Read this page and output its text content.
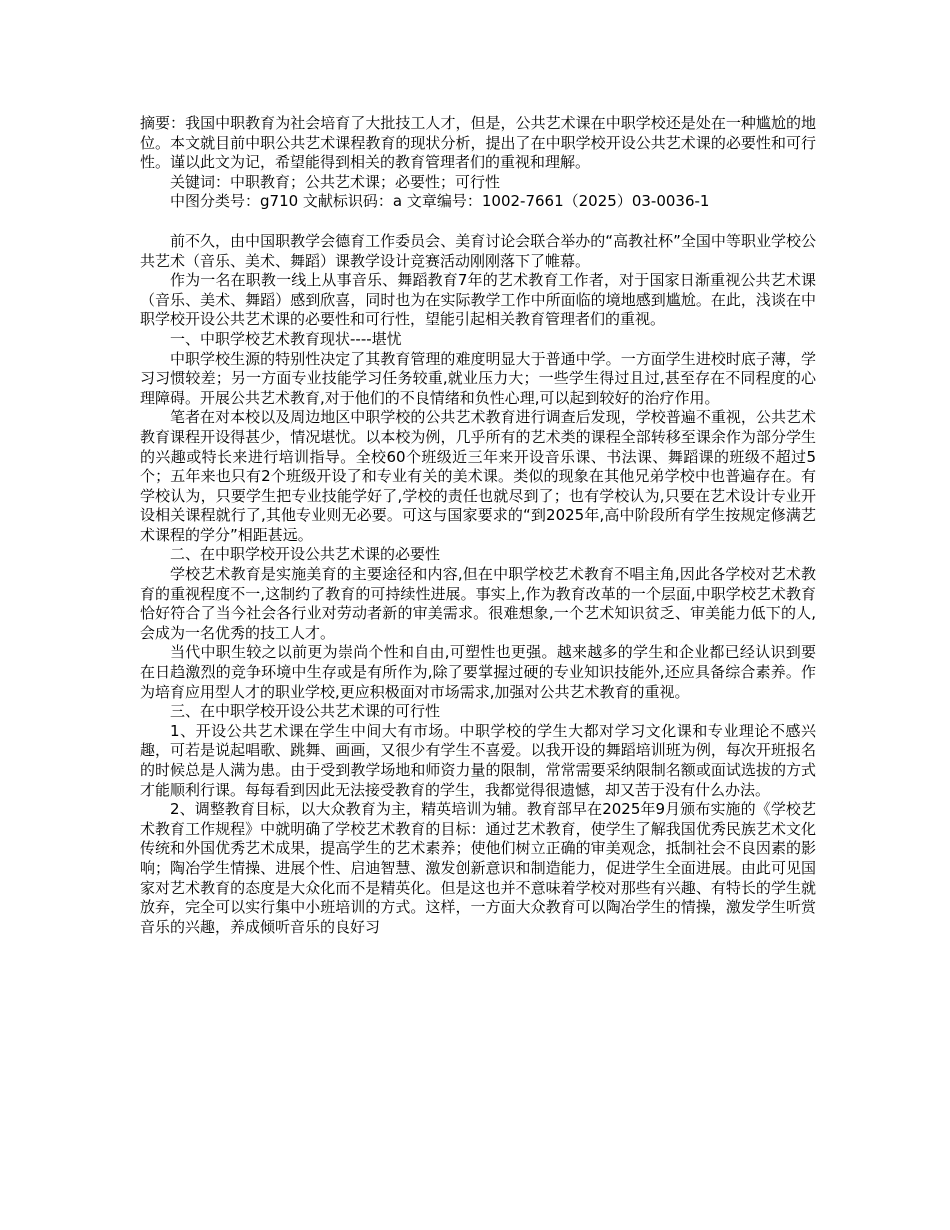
摘要：我国中职教育为社会培育了大批技工人才，但是，公共艺术课在中职学校还是处在一种尴尬的地位。本文就目前中职公共艺术课程教育的现状分析，提出了在中职学校开设公共艺术课的必要性和可行性。谨以此文为记，希望能得到相关的教育管理者们的重视和理解。

关键词：中职教育；公共艺术课；必要性；可行性

中图分类号：g710 文献标识码：a 文章编号：1002-7661（2025）03-0036-1

前不久，由中国职教学会德育工作委员会、美育讨论会联合举办的“高教社杯”全国中等职业学校公共艺术（音乐、美术、舞蹈）课教学设计竞赛活动刚刚落下了帷幕。

作为一名在职教一线上从事音乐、舞蹈教育7年的艺术教育工作者，对于国家日渐重视公共艺术课（音乐、美术、舞蹈）感到欣喜，同时也为在实际教学工作中所面临的境地感到尴尬。在此，浅谈在中职学校开设公共艺术课的必要性和可行性，望能引起相关教育管理者们的重视。

一、中职学校艺术教育现状----堪忧

中职学校生源的特别性决定了其教育管理的难度明显大于普通中学。一方面学生进校时底子薄，学习习惯较差；另一方面专业技能学习任务较重,就业压力大；一些学生得过且过,甚至存在不同程度的心理障碍。开展公共艺术教育,对于他们的不良情绪和负性心理,可以起到较好的治疗作用。

笔者在对本校以及周边地区中职学校的公共艺术教育进行调查后发现，学校普遍不重视，公共艺术教育课程开设得甚少，情况堪忧。以本校为例，几乎所有的艺术类的课程全部转移至课余作为部分学生的兴趣或特长来进行培训指导。全校60个班级近三年来开设音乐课、书法课、舞蹈课的班级不超过5个；五年来也只有2个班级开设了和专业有关的美术课。类似的现象在其他兄弟学校中也普遍存在。有学校认为，只要学生把专业技能学好了,学校的责任也就尽到了；也有学校认为,只要在艺术设计专业开设相关课程就行了,其他专业则无必要。可这与国家要求的“到2025年,高中阶段所有学生按规定修满艺术课程的学分”相距甚远。

二、在中职学校开设公共艺术课的必要性

学校艺术教育是实施美育的主要途径和内容,但在中职学校艺术教育不唱主角,因此各学校对艺术教育的重视程度不一,这制约了教育的可持续性进展。事实上,作为教育改革的一个层面,中职学校艺术教育恰好符合了当今社会各行业对劳动者新的审美需求。很难想象,一个艺术知识贫乏、审美能力低下的人,会成为一名优秀的技工人才。

当代中职生较之以前更为崇尚个性和自由,可塑性也更强。越来越多的学生和企业都已经认识到要在日趋激烈的竞争环境中生存或是有所作为,除了要掌握过硬的专业知识技能外,还应具备综合素养。作为培育应用型人才的职业学校,更应积极面对市场需求,加强对公共艺术教育的重视。

三、在中职学校开设公共艺术课的可行性

1、开设公共艺术课在学生中间大有市场。中职学校的学生大都对学习文化课和专业理论不感兴趣，可若是说起唱歌、跳舞、画画，又很少有学生不喜爱。以我开设的舞蹈培训班为例，每次开班报名的时候总是人满为患。由于受到教学场地和师资力量的限制，常常需要采纳限制名额或面试选拔的方式才能顺利行课。每每看到因此无法接受教育的学生，我都觉得很遗憾，却又苦于没有什么办法。

2、调整教育目标，以大众教育为主，精英培训为辅。教育部早在2025年9月颁布实施的《学校艺术教育工作规程》中就明确了学校艺术教育的目标：通过艺术教育，使学生了解我国优秀民族艺术文化传统和外国优秀艺术成果，提高学生的艺术素养；使他们树立正确的审美观念，抵制社会不良因素的影响；陶冶学生情操、进展个性、启迪智慧、激发创新意识和制造能力，促进学生全面进展。由此可见国家对艺术教育的态度是大众化而不是精英化。但是这也并不意味着学校对那些有兴趣、有特长的学生就放弃，完全可以实行集中小班培训的方式。这样，一方面大众教育可以陶冶学生的情操，激发学生听赏音乐的兴趣，养成倾听音乐的良好习
